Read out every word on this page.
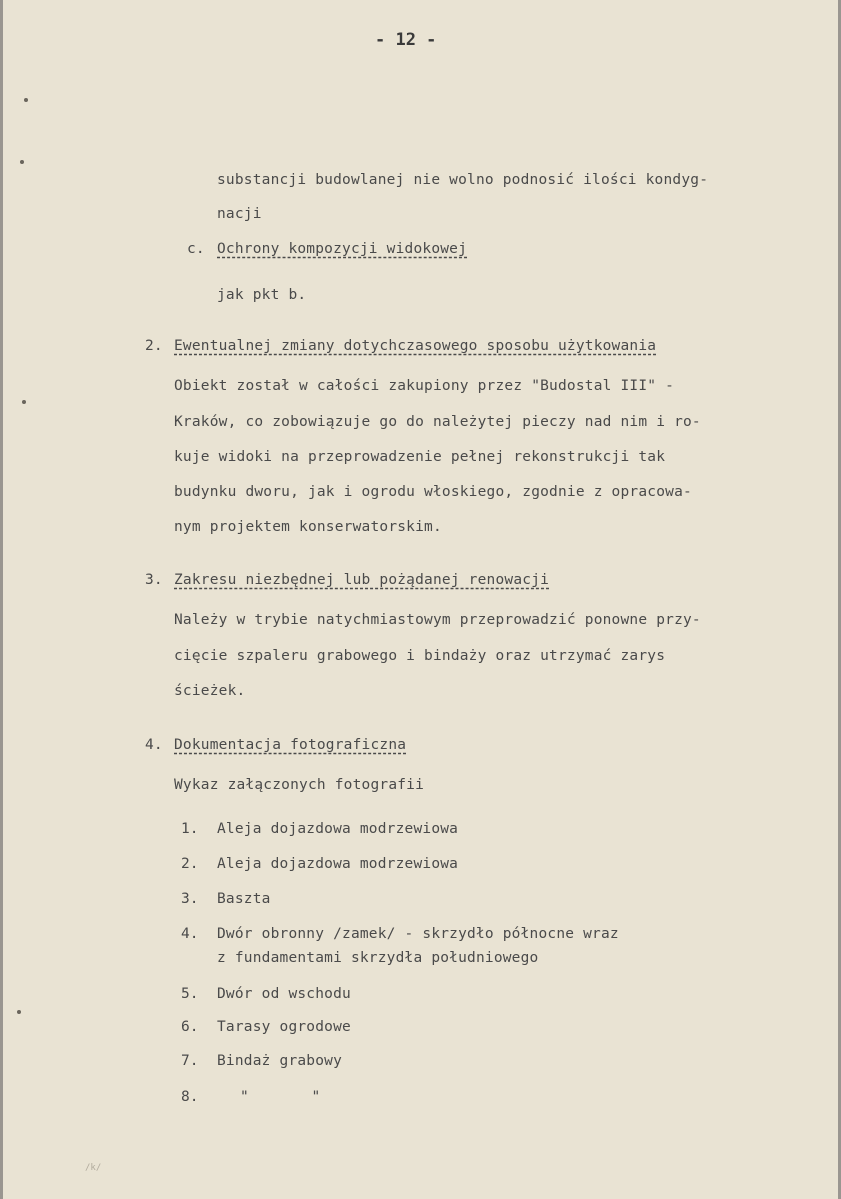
- 12 -
substancji budowlanej nie wolno podnosić ilości kondyg-
nacji
c. Ochrony kompozycji widokowej
jak pkt b.
2. Ewentualnej zmiany dotychczasowego sposobu użytkowania
Obiekt został w całości zakupiony przez "Budostal III" -
Kraków, co zobowiązuje go do należytej pieczy nad nim i ro-
kuje widoki na przeprowadzenie pełnej rekonstrukcji tak
budynku dworu, jak i ogrodu włoskiego, zgodnie z opracowa-
nym projektem konserwatorskim.
3. Zakresu niezbędnej lub pożądanej renowacji
Należy w trybie natychmiastowym przeprowadzić ponowne przy-
cięcie szpaleru grabowego i bindaży oraz utrzymać zarys
ścieżek.
4. Dokumentacja fotograficzna
Wykaz załączonych fotografii
1. Aleja dojazdowa modrzewiowa
2. Aleja dojazdowa modrzewiowa
3. Baszta
4. Dwór obronny /zamek/ - skrzydło północne wraz
z fundamentami skrzydła południowego
5. Dwór od wschodu
6. Tarasy ogrodowe
7. Bindaż grabowy
8.	"       "
/k/
